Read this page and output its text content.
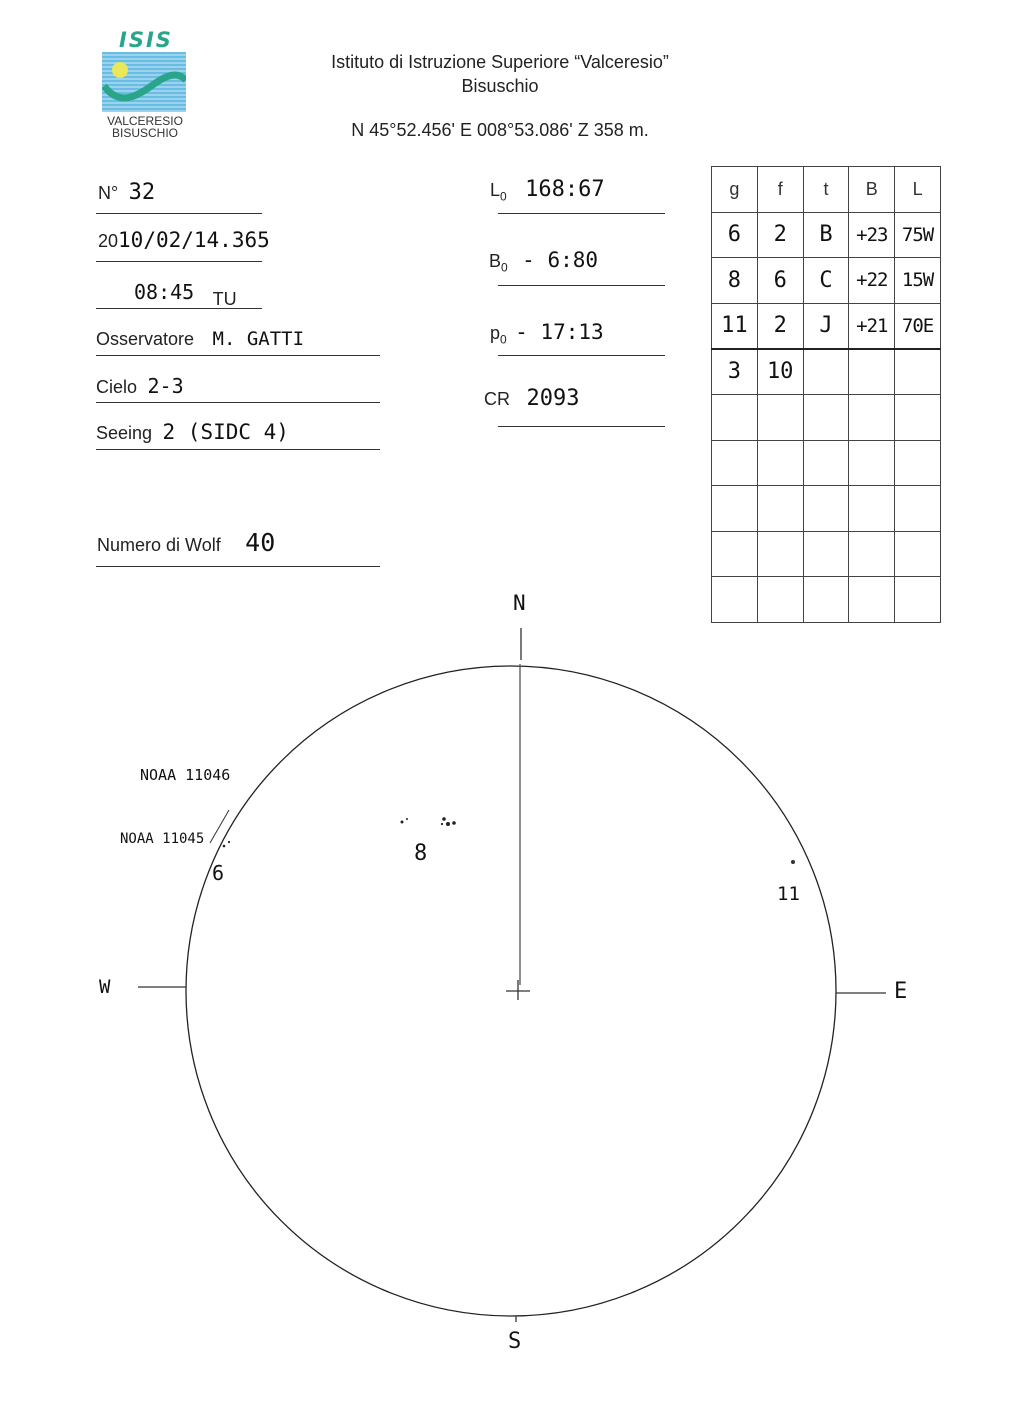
ISIS
VALCERESIO
BISUSCHIO
Istituto di Istruzione Superiore “Valceresio”
Bisuschio
N 45°52.456' E 008°53.086' Z 358 m.
N° 32
2010/02/14.365
08:45 TU
Osservatore M. GATTI
Cielo 2-3
Seeing 2 (SIDC 4)
Numero di Wolf 40
$L_0$ 168:67
$B_0$ - 6:80
$p_0$ - 17:13
CR 2093
g	f	t	B	L
6	2	B	+23	75W
8	6	C	+22	15W
11	2	J	+21	70E
3	10			

N
S
W	E
NOAA 11046
NOAA 11045
6
8
11
